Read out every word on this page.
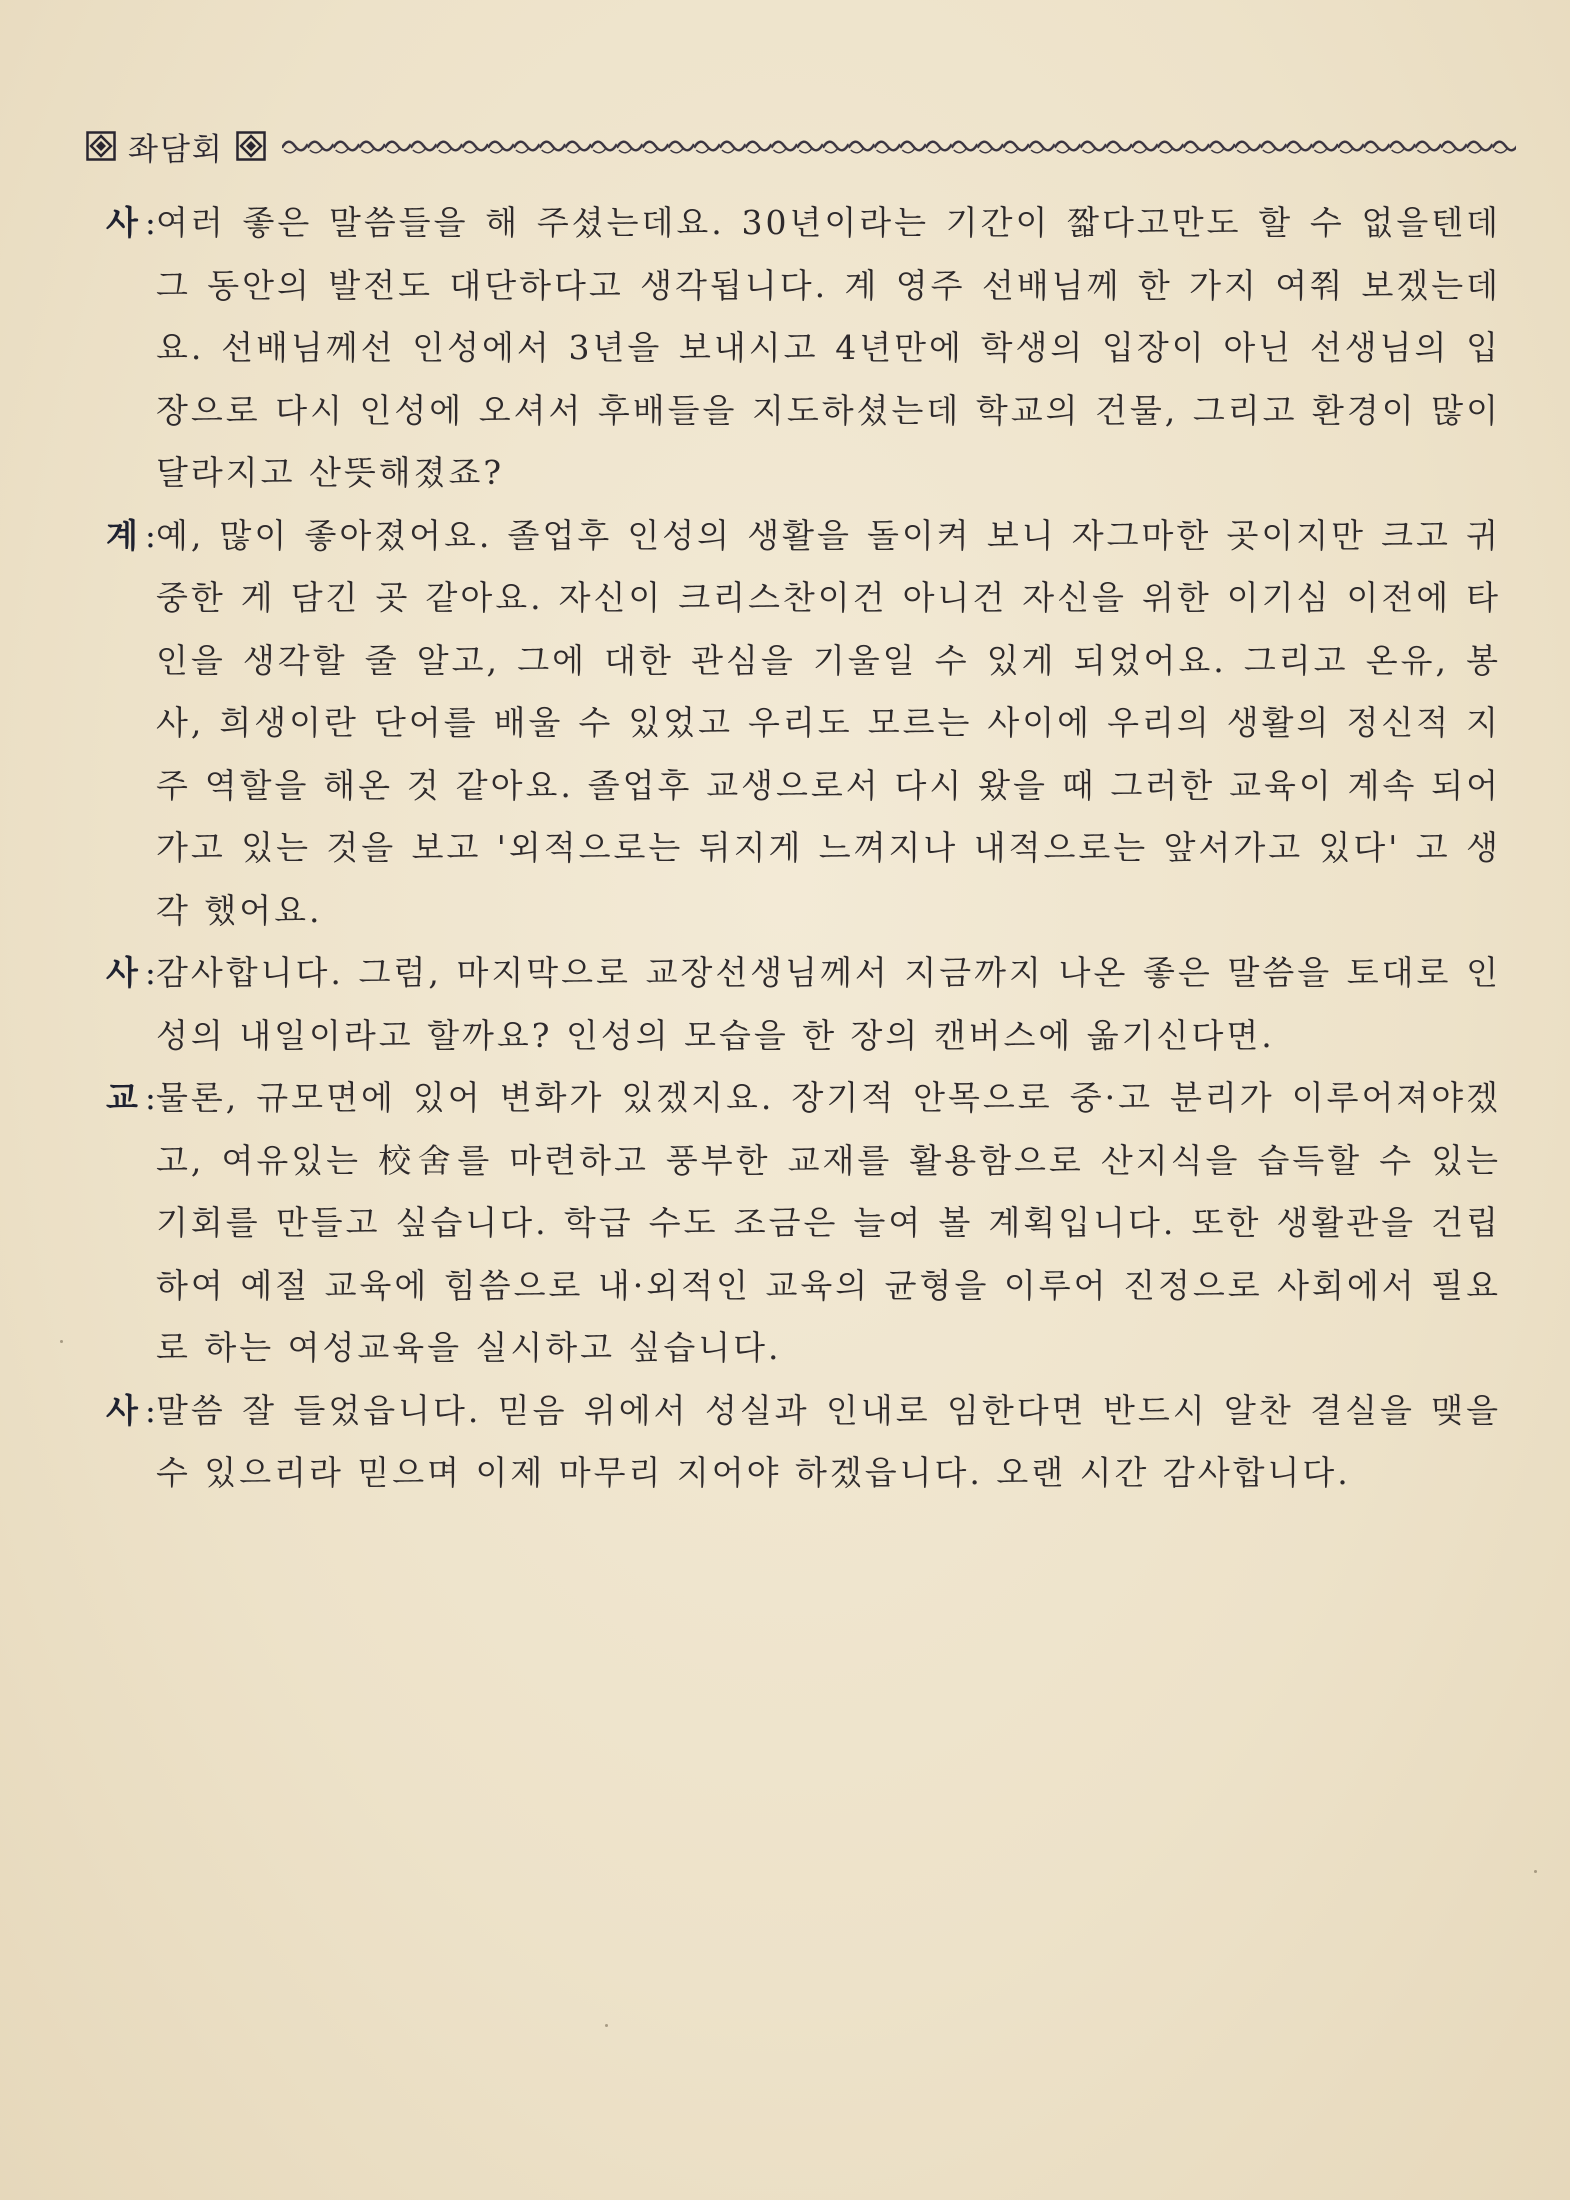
좌담회

사 :
여러 좋은 말씀들을 해 주셨는데요. 30년이라는 기간이 짧다고만도 할 수 없을텐데 그 동안의 발전도 대단하다고 생각됩니다. 계 영주 선배님께 한 가지 여쭤 보겠는데요. 선배님께선 인성에서 3년을 보내시고 4년만에 학생의 입장이 아닌 선생님의 입장으로 다시 인성에 오셔서 후배들을 지도하셨는데 학교의 건물, 그리고 환경이 많이 달라지고 산뜻해졌죠?

계 :
예, 많이 좋아졌어요. 졸업후 인성의 생활을 돌이켜 보니 자그마한 곳이지만 크고 귀중한 게 담긴 곳 같아요. 자신이 크리스찬이건 아니건 자신을 위한 이기심 이전에 타인을 생각할 줄 알고, 그에 대한 관심을 기울일 수 있게 되었어요. 그리고 온유, 봉사, 희생이란 단어를 배울 수 있었고 우리도 모르는 사이에 우리의 생활의 정신적 지주 역할을 해온 것 같아요. 졸업후 교생으로서 다시 왔을 때 그러한 교육이 계속 되어가고 있는 것을 보고 '외적으로는 뒤지게 느껴지나 내적으로는 앞서가고 있다' 고 생각 했어요.

사 :
감사합니다. 그럼, 마지막으로 교장선생님께서 지금까지 나온 좋은 말씀을 토대로 인성의 내일이라고 할까요? 인성의 모습을 한 장의 캔버스에 옮기신다면.

교 :
물론, 규모면에 있어 변화가 있겠지요. 장기적 안목으로 중·고 분리가 이루어져야겠고, 여유있는 校舍를 마련하고 풍부한 교재를 활용함으로 산지식을 습득할 수 있는 기회를 만들고 싶습니다. 학급 수도 조금은 늘여 볼 계획입니다. 또한 생활관을 건립하여 예절 교육에 힘씀으로 내·외적인 교육의 균형을 이루어 진정으로 사회에서 필요로 하는 여성교육을 실시하고 싶습니다.

사 :
말씀 잘 들었읍니다. 믿음 위에서 성실과 인내로 임한다면 반드시 알찬 결실을 맺을 수 있으리라 믿으며 이제 마무리 지어야 하겠읍니다. 오랜 시간 감사합니다.
